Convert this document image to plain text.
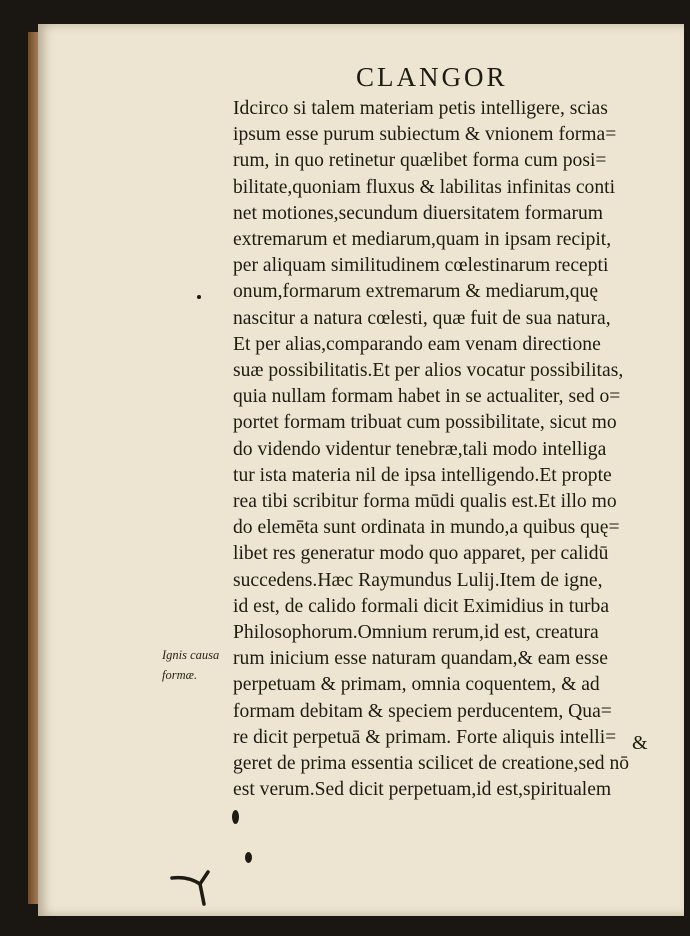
CLANGOR
Idcirco si talem materiam petis intelligere, scias
ipsum esse purum subiectum & vnionem forma=
rum, in quo retinetur quælibet forma cum posi=
bilitate,quoniam fluxus & labilitas infinitas conti
net motiones,secundum diuersitatem formarum
extremarum et mediarum,quam in ipsam recipit,
per aliquam similitudinem cœlestinarum recepti
onum,formarum extremarum & mediarum,quę
nascitur a natura cœlesti, quæ fuit de sua natura,
Et per alias,comparando eam venam directione
suæ possibilitatis.Et per alios vocatur possibilitas,
quia nullam formam habet in se actualiter, sed o=
portet formam tribuat cum possibilitate, sicut mo
do videndo videntur tenebræ,tali modo intelliga
tur ista materia nil de ipsa intelligendo.Et propte
rea tibi scribitur forma mūdi qualis est.Et illo mo
do elemēta sunt ordinata in mundo,a quibus quę=
libet res generatur modo quo apparet, per calidū
succedens.Hæc Raymundus Lulij.Item de igne,
id est, de calido formali dicit Eximidius in turba
Philosophorum.Omnium rerum,id est, creatura
rum inicium esse naturam quandam,& eam esse
perpetuam & primam, omnia coquentem, & ad
formam debitam & speciem perducentem, Qua=
re dicit perpetuā & primam. Forte aliquis intelli=
geret de prima essentia scilicet de creatione,sed nō
est verum.Sed dicit perpetuam,id est,spiritualem
Ignis causa
formæ.
&
